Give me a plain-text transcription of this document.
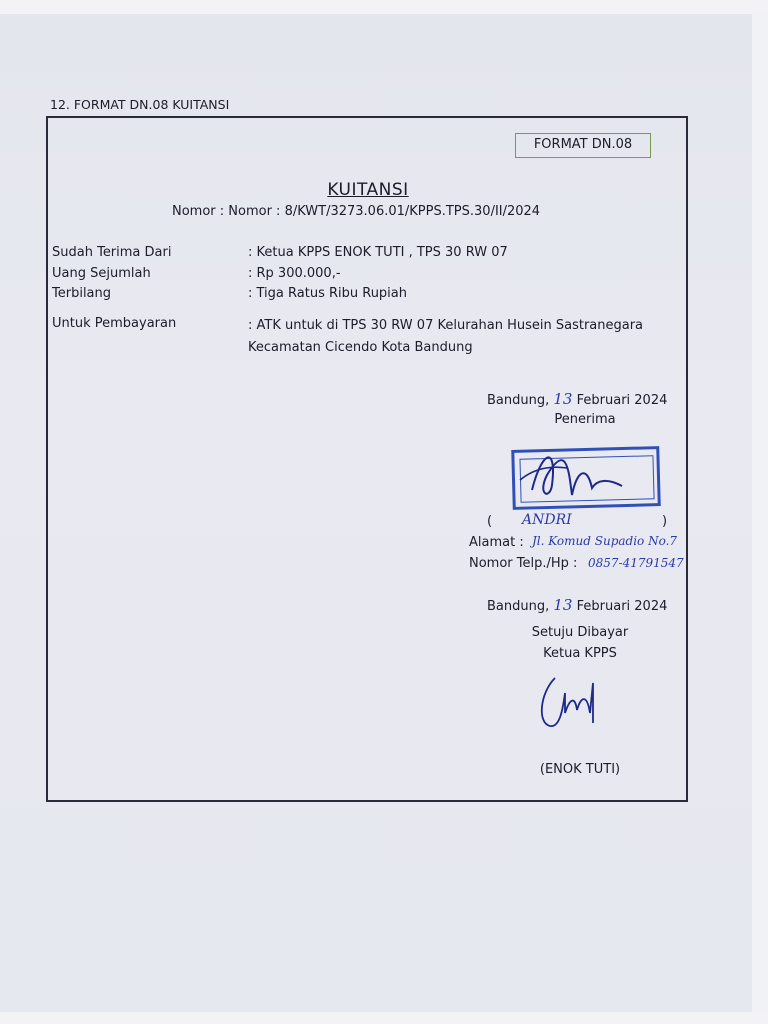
12. FORMAT DN.08 KUITANSI
FORMAT DN.08
KUITANSI
Nomor : Nomor : 8/KWT/3273.06.01/KPPS.TPS.30/II/2024
Sudah Terima Dari	: Ketua KPPS ENOK TUTI , TPS 30 RW 07
Uang Sejumlah	: Rp 300.000,-
Terbilang	: Tiga Ratus Ribu Rupiah
Untuk Pembayaran	: ATK untuk di TPS 30 RW 07 Kelurahan Husein Sastranegara
Kecamatan Cicendo Kota Bandung
Bandung, 13 Februari 2024
Penerima
( ANDRI	)
Alamat : Jl. Komud Supadio No.7
Nomor Telp./Hp : 0857-41791547
Bandung, 13 Februari 2024
Setuju Dibayar
Ketua KPPS
(ENOK TUTI)
